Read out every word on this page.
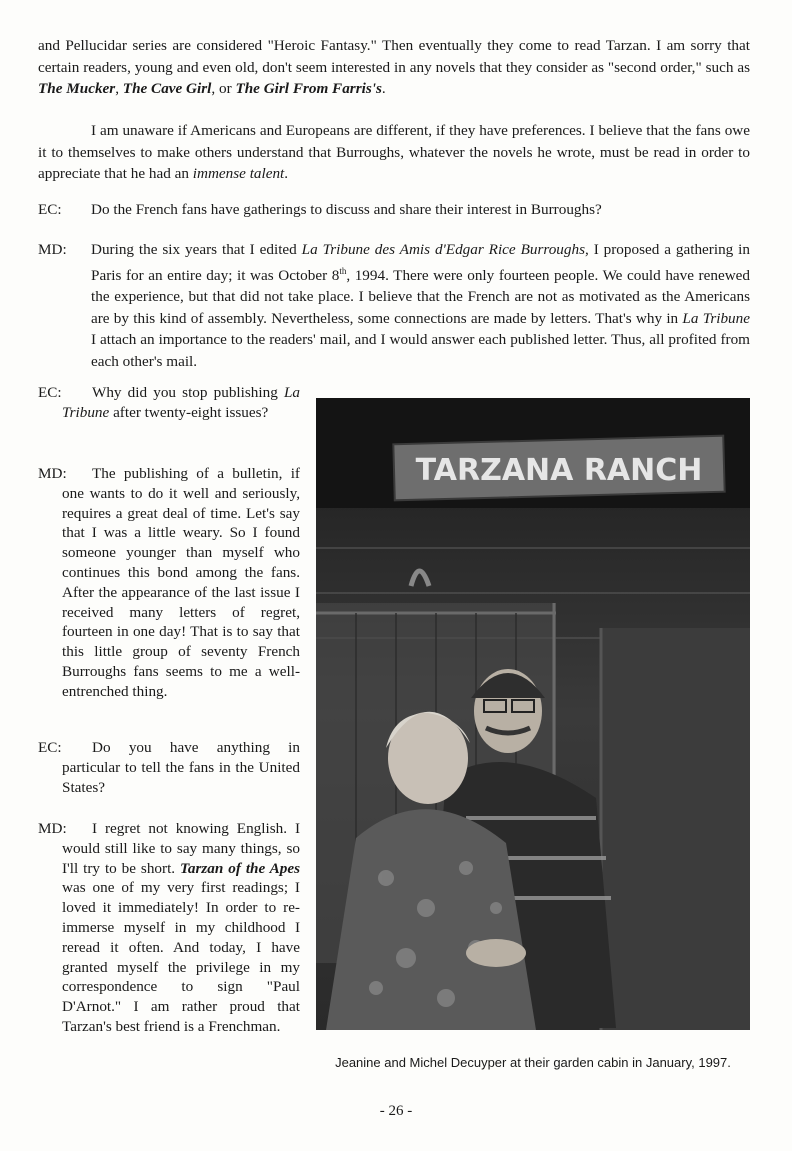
and Pellucidar series are considered "Heroic Fantasy." Then eventually they come to read Tarzan. I am sorry that certain readers, young and even old, don't seem interested in any novels that they consider as "second order," such as The Mucker, The Cave Girl, or The Girl From Farris's.

I am unaware if Americans and Europeans are different, if they have preferences. I believe that the fans owe it to themselves to make others understand that Burroughs, whatever the novels he wrote, must be read in order to appreciate that he had an immense talent.

EC: Do the French fans have gatherings to discuss and share their interest in Burroughs?
MD: During the six years that I edited La Tribune des Amis d'Edgar Rice Burroughs, I proposed a gathering in Paris for an entire day; it was October 8th, 1994. There were only fourteen people. We could have renewed the experience, but that did not take place. I believe that the French are not as motivated as the Americans are by this kind of assembly. Nevertheless, some connections are made by letters. That's why in La Tribune I attach an importance to the readers' mail, and I would answer each published letter. Thus, all profited from each other's mail.
EC:	Why did you stop publishing La Tribune after twenty-eight issues?
MD:	The publishing of a bulletin, if one wants to do it well and seriously, requires a great deal of time. Let's say that I was a little weary. So I found someone younger than myself who continues this bond among the fans. After the appearance of the last issue I received many letters of regret, fourteen in one day! That is to say that this little group of seventy French Burroughs fans seems to me a well-entrenched thing.
EC:	Do you have anything in particular to tell the fans in the United States?
MD:	I regret not knowing English. I would still like to say many things, so I'll try to be short. Tarzan of the Apes was one of my very first readings; I loved it immediately! In order to re-immerse myself in my childhood I reread it often. And today, I have granted myself the privilege in my correspondence to sign "Paul D'Arnot." I am rather proud that Tarzan's best friend is a Frenchman.
TARZANA RANCH
Jeanine and Michel Decuyper at their garden cabin in January, 1997.
- 26 -
